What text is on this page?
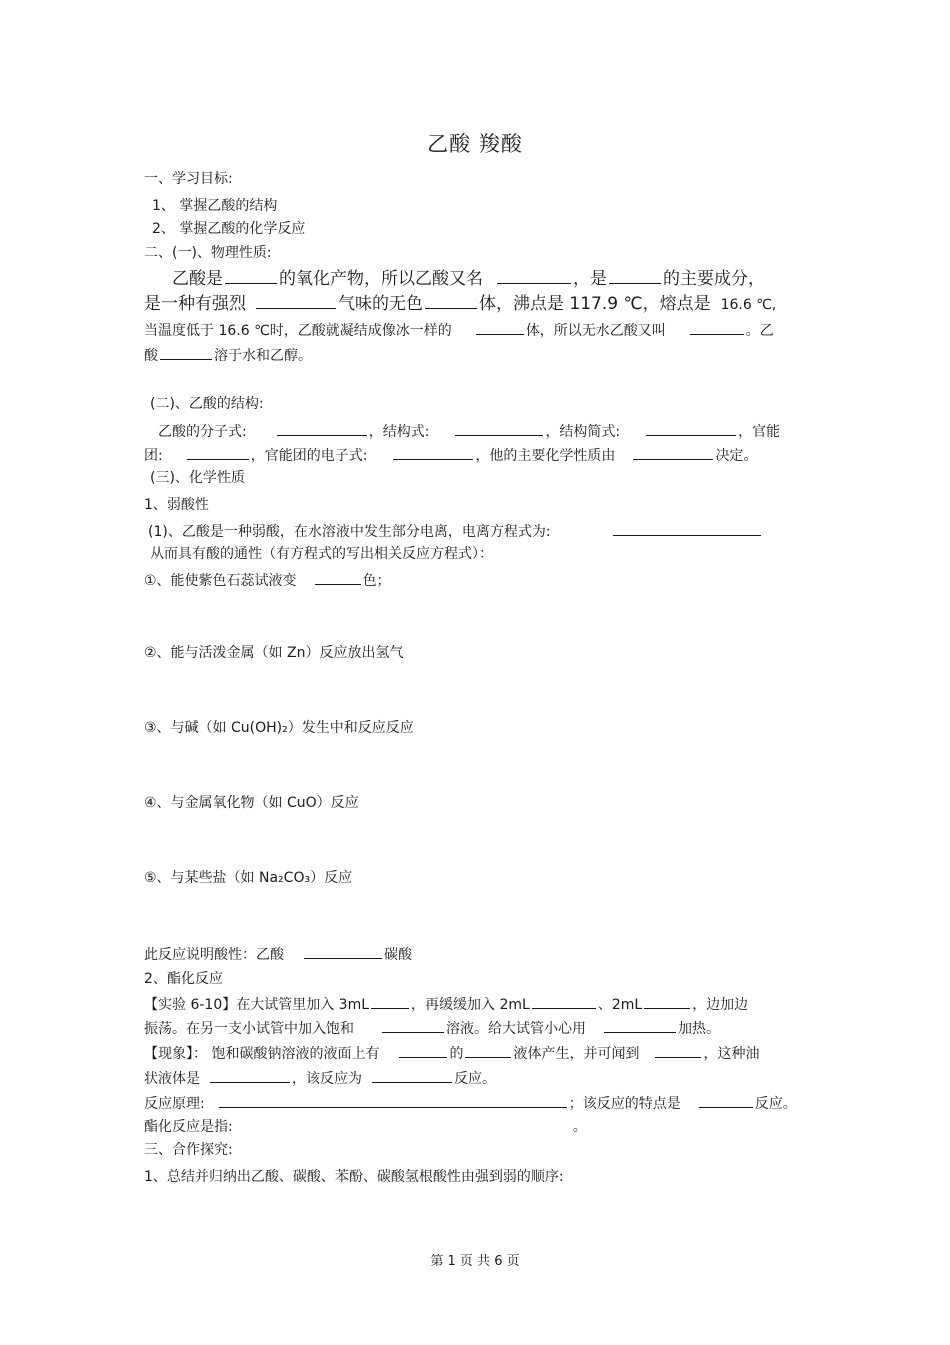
乙酸 羧酸
一、学习目标:
1、 掌握乙酸的结构
2、 掌握乙酸的化学反应
二、(一)、物理性质:
乙酸是	的氧化产物，所以乙酸又名	，是	的主要成分，
是一种有强烈	气味的无色	体，沸点是 117.9 ℃，熔点是 16.6 ℃,
当温度低于 16.6 ℃时，乙酸就凝结成像冰一样的	体，所以无水乙酸又叫	。乙
酸	溶于水和乙醇。
(二)、乙酸的结构:
乙酸的分子式:	，结构式:	，结构简式:	，官能
团:	，官能团的电子式:	，他的主要化学性质由	决定。
(三)、化学性质
1、弱酸性
(1)、乙酸是一种弱酸，在水溶液中发生部分电离，电离方程式为:
从而具有酸的通性（有方程式的写出相关反应方程式）：
①、能使紫色石蕊试液变	色；
②、能与活泼金属（如 Zn）反应放出氢气
③、与碱（如 Cu(OH)₂）发生中和反应反应
④、与金属氧化物（如 CuO）反应
⑤、与某些盐（如 Na₂CO₃）反应
此反应说明酸性：乙酸	碳酸
2、酯化反应
【实验 6-10】在大试管里加入 3mL	，再缓缓加入 2mL	、2mL	，边加边
振荡。在另一支小试管中加入饱和	溶液。给大试管小心用	加热。
【现象】： 饱和碳酸钠溶液的液面上有	的	液体产生，并可闻到	，这种油
状液体是	，该反应为	反应。
反应原理:	；该反应的特点是	反应。
酯化反应是指:	。
三、合作探究:
1、总结并归纳出乙酸、碳酸、苯酚、碳酸氢根酸性由强到弱的顺序:
第 1 页 共 6 页
